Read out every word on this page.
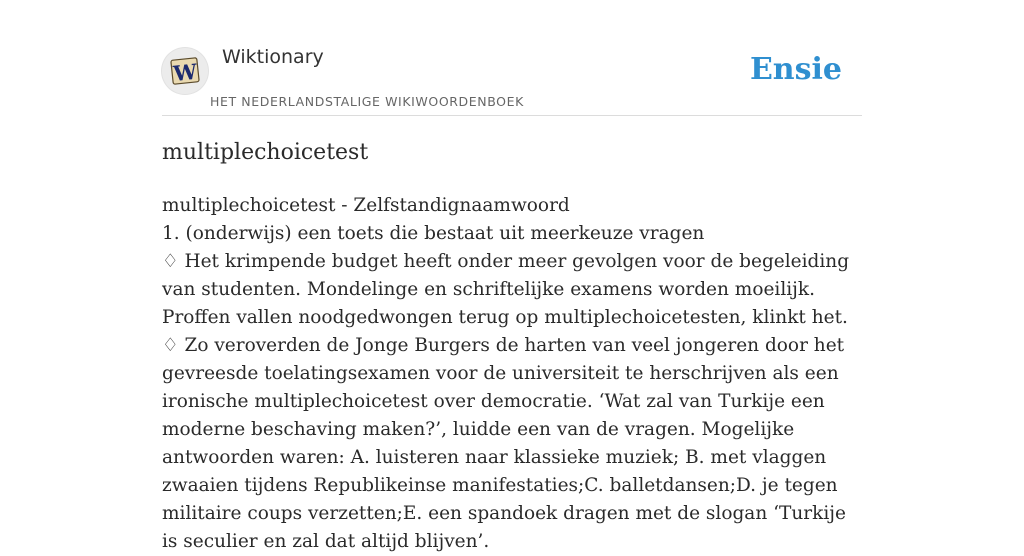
W
Wiktionary
HET NEDERLANDSTALIGE WIKIWOORDENBOEK
Ensie
multiplechoicetest
multiplechoicetest - Zelfstandignaamwoord
1. (onderwijs) een toets die bestaat uit meerkeuze vragen
♢ Het krimpende budget heeft onder meer gevolgen voor de begeleiding van studenten. Mondelinge en schriftelijke examens worden moeilijk. Proffen vallen noodgedwongen terug op multiplechoicetesten, klinkt het.
♢ Zo veroverden de Jonge Burgers de harten van veel jongeren door het gevreesde toelatingsexamen voor de universiteit te herschrijven als een ironische multiplechoicetest over democratie. ‘Wat zal van Turkije een moderne beschaving maken?’, luidde een van de vragen. Mogelijke antwoorden waren: A. luisteren naar klassieke muziek; B. met vlaggen zwaaien tijdens Republikeinse manifestaties;C. balletdansen;D. je tegen militaire coups verzetten;E. een spandoek dragen met de slogan ‘Turkije is seculier en zal dat altijd blijven’.
